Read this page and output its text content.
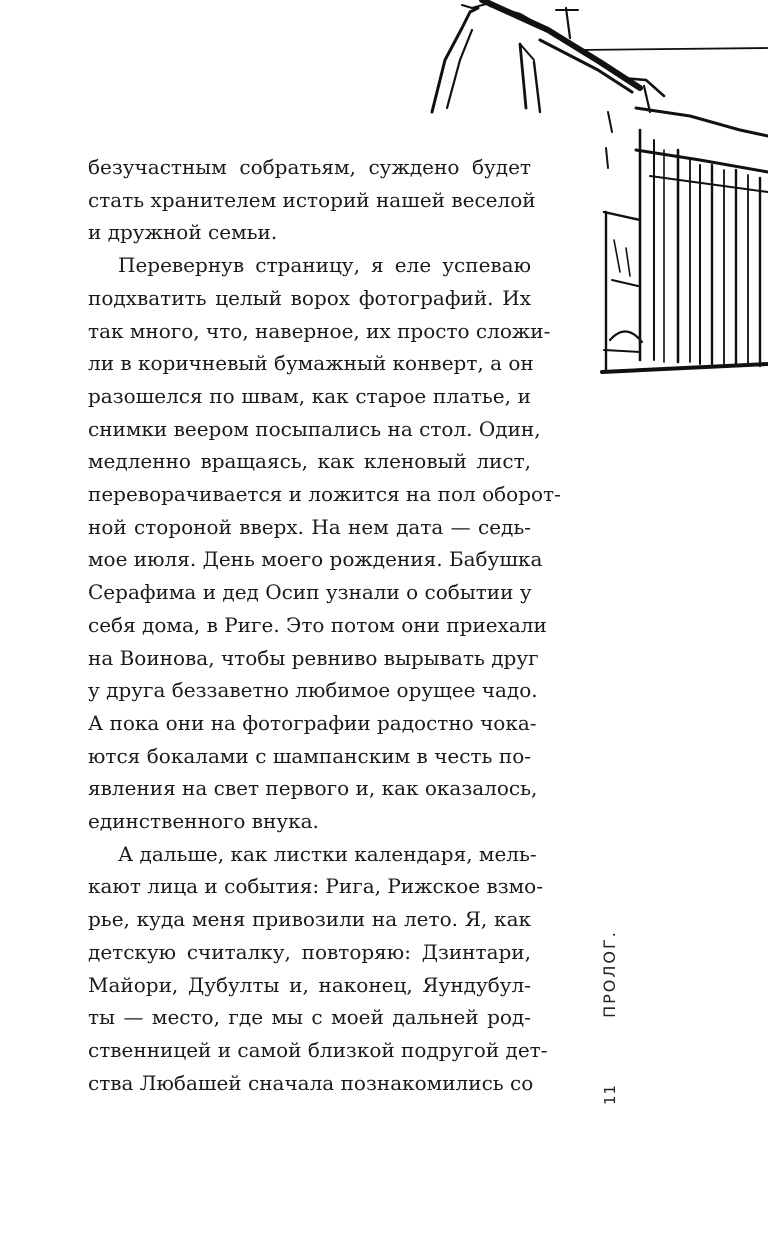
безучастным собратьям, суждено будет
стать хранителем историй нашей веселой
и дружной семьи.

Перевернув страницу, я еле успеваю
подхватить целый ворох фотографий. Их
так много, что, наверное, их просто сложи-
ли в коричневый бумажный конверт, а он
разошелся по швам, как старое платье, и
снимки веером посыпались на стол. Один,
медленно вращаясь, как кленовый лист,
переворачивается и ложится на пол оборот-
ной стороной вверх. На нем дата — седь-
мое июля. День моего рождения. Бабушка
Серафима и дед Осип узнали о событии у
себя дома, в Риге. Это потом они приехали
на Воинова, чтобы ревниво вырывать друг
у друга беззаветно любимое орущее чадо.
А пока они на фотографии радостно чока-
ются бокалами с шампанским в честь по-
явления на свет первого и, как оказалось,
единственного внука.

А дальше, как листки календаря, мель-
кают лица и события: Рига, Рижское взмо-
рье, куда меня привозили на лето. Я, как
детскую считалку, повторяю: Дзинтари,
Майори, Дубулты и, наконец, Яундубул-
ты — место, где мы с моей дальней род-
ственницей и самой близкой подругой дет-
ства Любашей сначала познакомились со	11
ПРОЛОГ.
